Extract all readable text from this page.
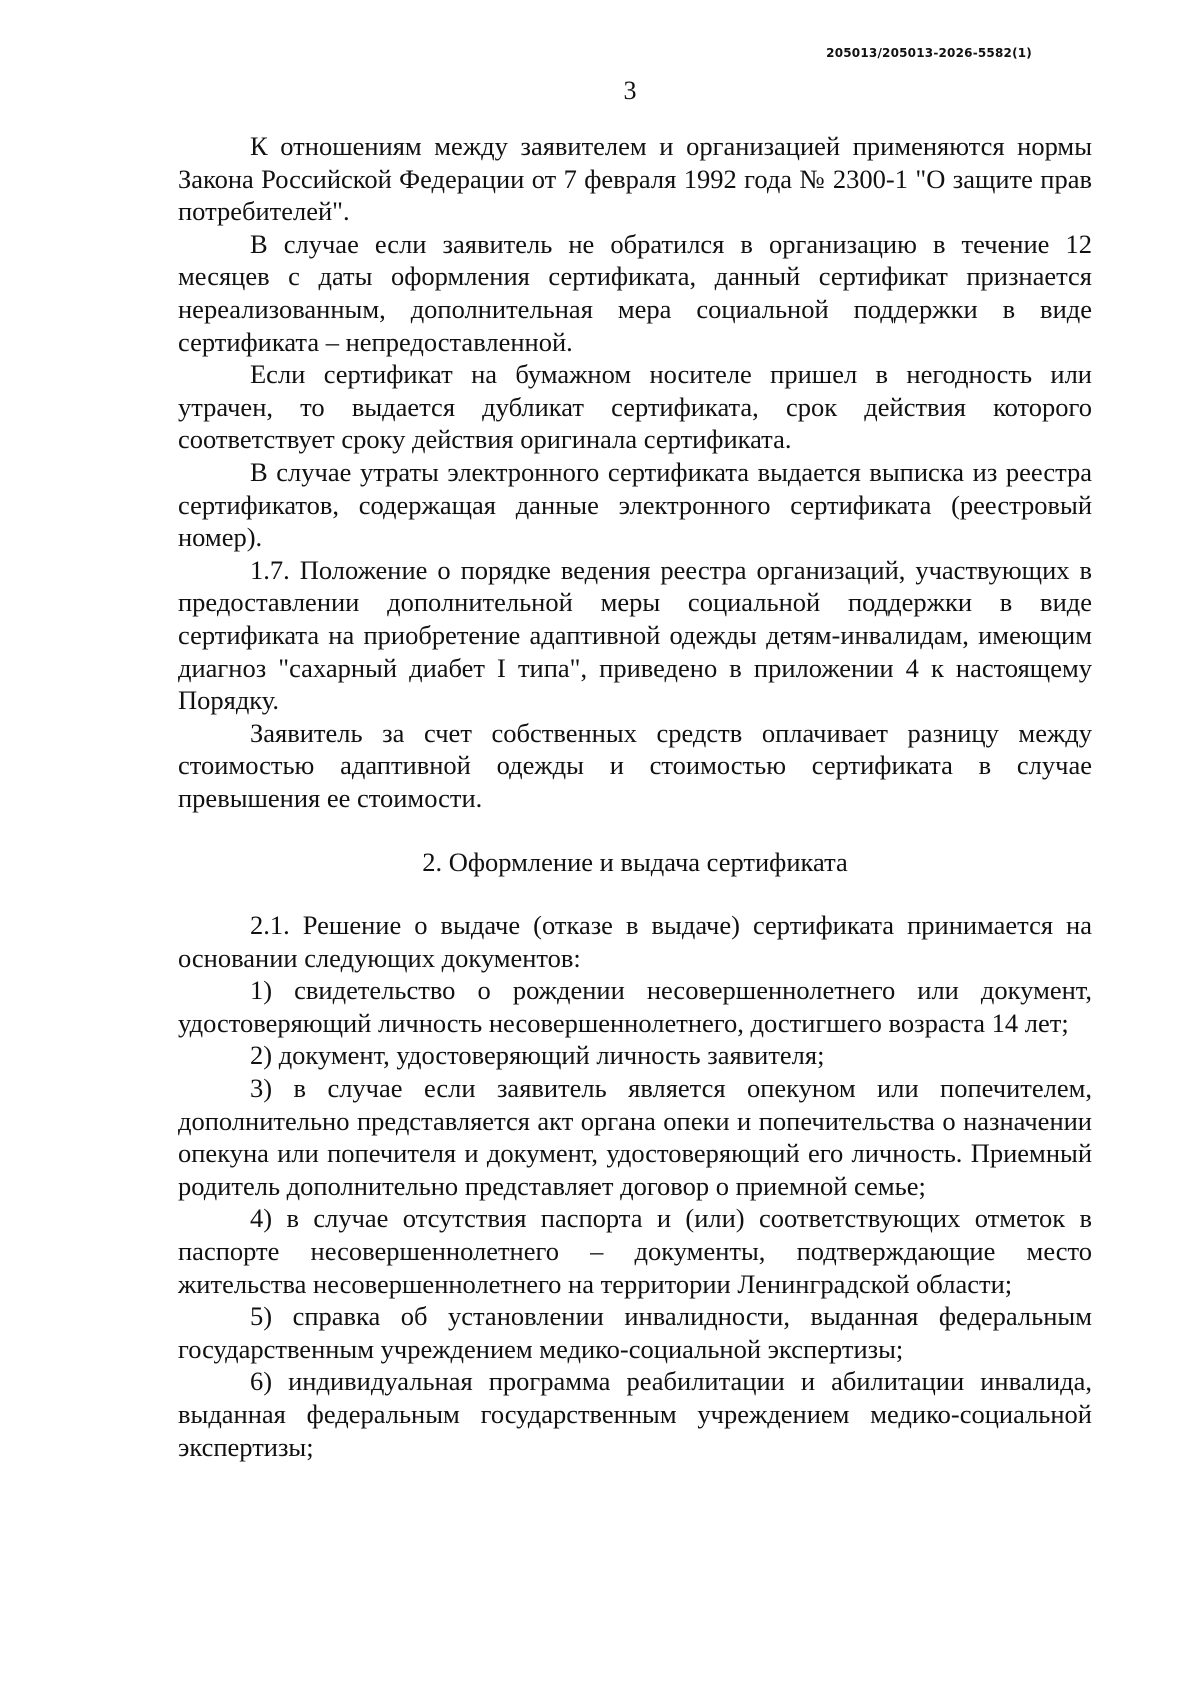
205013/205013-2026-5582(1)
3

К отношениям между заявителем и организацией применяются нормы Закона Российской Федерации от 7 февраля 1992 года № 2300-1 "О защите прав потребителей".

В случае если заявитель не обратился в организацию в течение 12 месяцев с даты оформления сертификата, данный сертификат признается нереализованным, дополнительная мера социальной поддержки в виде сертификата – непредоставленной.

Если сертификат на бумажном носителе пришел в негодность или утрачен, то выдается дубликат сертификата, срок действия которого соответствует сроку действия оригинала сертификата.

В случае утраты электронного сертификата выдается выписка из реестра сертификатов, содержащая данные электронного сертификата (реестровый номер).

1.7. Положение о порядке ведения реестра организаций, участвующих в предоставлении дополнительной меры социальной поддержки в виде сертификата на приобретение адаптивной одежды детям-инвалидам, имеющим диагноз "сахарный диабет I типа", приведено в приложении 4 к настоящему Порядку.

Заявитель за счет собственных средств оплачивает разницу между стоимостью адаптивной одежды и стоимостью сертификата в случае превышения ее стоимости.

2. Оформление и выдача сертификата

2.1. Решение о выдаче (отказе в выдаче) сертификата принимается на основании следующих документов:

1) свидетельство о рождении несовершеннолетнего или документ, удостоверяющий личность несовершеннолетнего, достигшего возраста 14 лет;

2) документ, удостоверяющий личность заявителя;

3) в случае если заявитель является опекуном или попечителем, дополнительно представляется акт органа опеки и попечительства о назначении опекуна или попечителя и документ, удостоверяющий его личность. Приемный родитель дополнительно представляет договор о приемной семье;

4) в случае отсутствия паспорта и (или) соответствующих отметок в паспорте несовершеннолетнего – документы, подтверждающие место жительства несовершеннолетнего на территории Ленинградской области;

5) справка об установлении инвалидности, выданная федеральным государственным учреждением медико-социальной экспертизы;

6) индивидуальная программа реабилитации и абилитации инвалида, выданная федеральным государственным учреждением медико-социальной экспертизы;
